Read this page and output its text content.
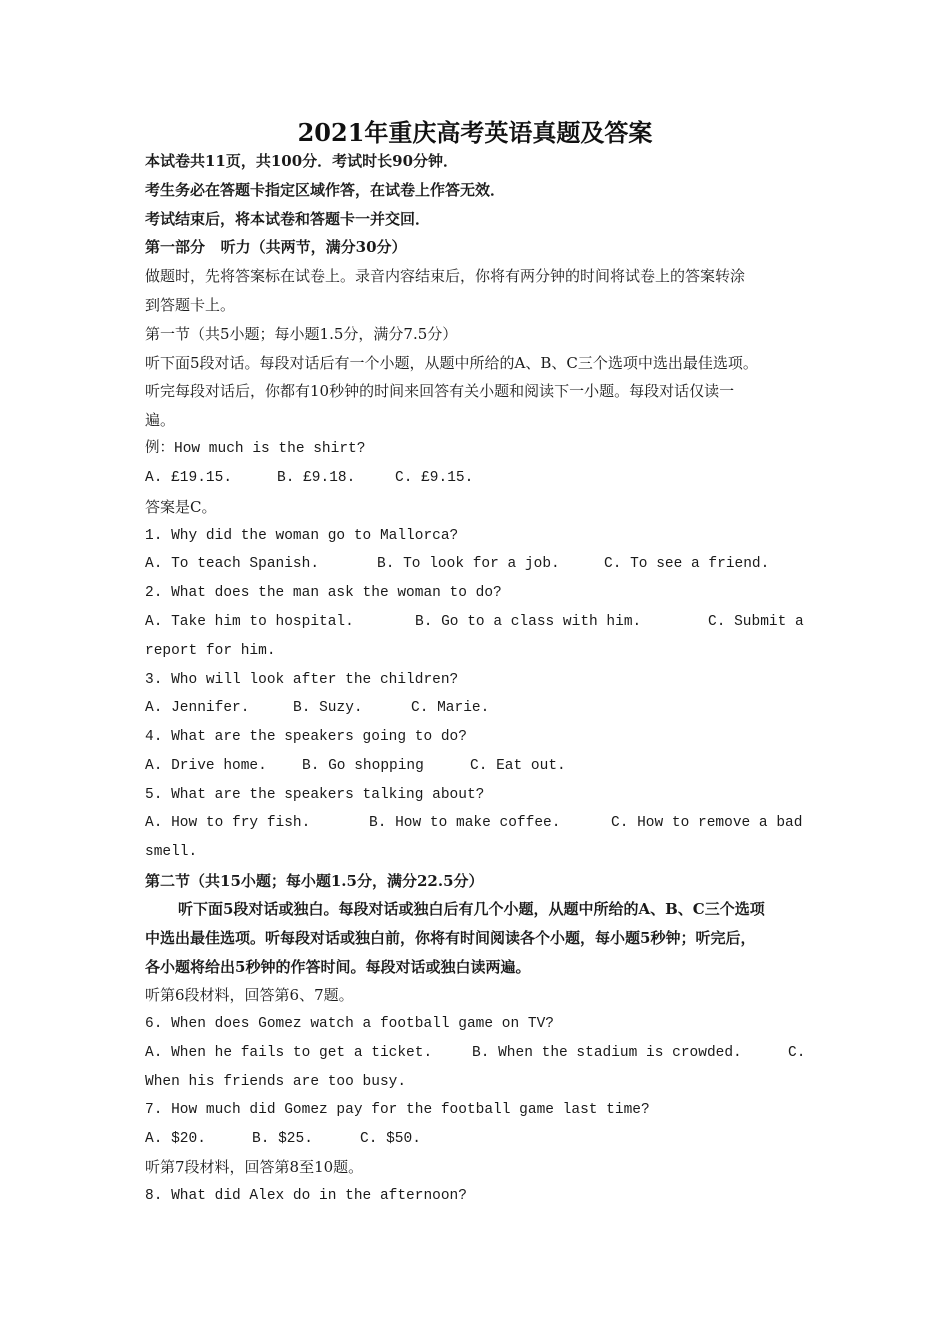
2021年重庆高考英语真题及答案

本试卷共11页，共100分．考试时长90分钟．

考生务必在答题卡指定区域作答，在试卷上作答无效．

考试结束后，将本试卷和答题卡一并交回．

第一部分   听力（共两节，满分30分）

做题时，先将答案标在试卷上。录音内容结束后，你将有两分钟的时间将试卷上的答案转涂

到答题卡上。

第一节（共5小题；每小题1.5分，满分7.5分）

听下面5段对话。每段对话后有一个小题，从题中所给的A、B、C三个选项中选出最佳选项。

听完每段对话后，你都有10秒钟的时间来回答有关小题和阅读下一小题。每段对话仅读一

遍。

例：How much is the shirt?

A. £19.15.	B. £9.18.	C. £9.15.

答案是C。

1. Why did the woman go to Mallorca?

A. To teach Spanish.	B. To look for a job.	C. To see a friend.

2. What does the man ask the woman to do?

A. Take him to hospital.	B. Go to a class with him.	C. Submit a

report for him.

3. Who will look after the children?

A. Jennifer.	B. Suzy.	C. Marie.

4. What are the speakers going to do?

A. Drive home. B. Go shopping	C. Eat out.

5. What are the speakers talking about?

A. How to fry fish.	B. How to make coffee.	C. How to remove a bad

smell.

第二节（共15小题；每小题1.5分，满分22.5分）

听下面5段对话或独白。每段对话或独白后有几个小题，从题中所给的A、B、C三个选项

中选出最佳选项。听每段对话或独白前，你将有时间阅读各个小题，每小题5秒钟；听完后，

各小题将给出5秒钟的作答时间。每段对话或独白读两遍。

听第6段材料，回答第6、7题。

6. When does Gomez watch a football game on TV?

A. When he fails to get a ticket.	B. When the stadium is crowded.	C.

When his friends are too busy.

7. How much did Gomez pay for the football game last time?

A. $20.	B. $25.	C. $50.

听第7段材料，回答第8至10题。

8. What did Alex do in the afternoon?
